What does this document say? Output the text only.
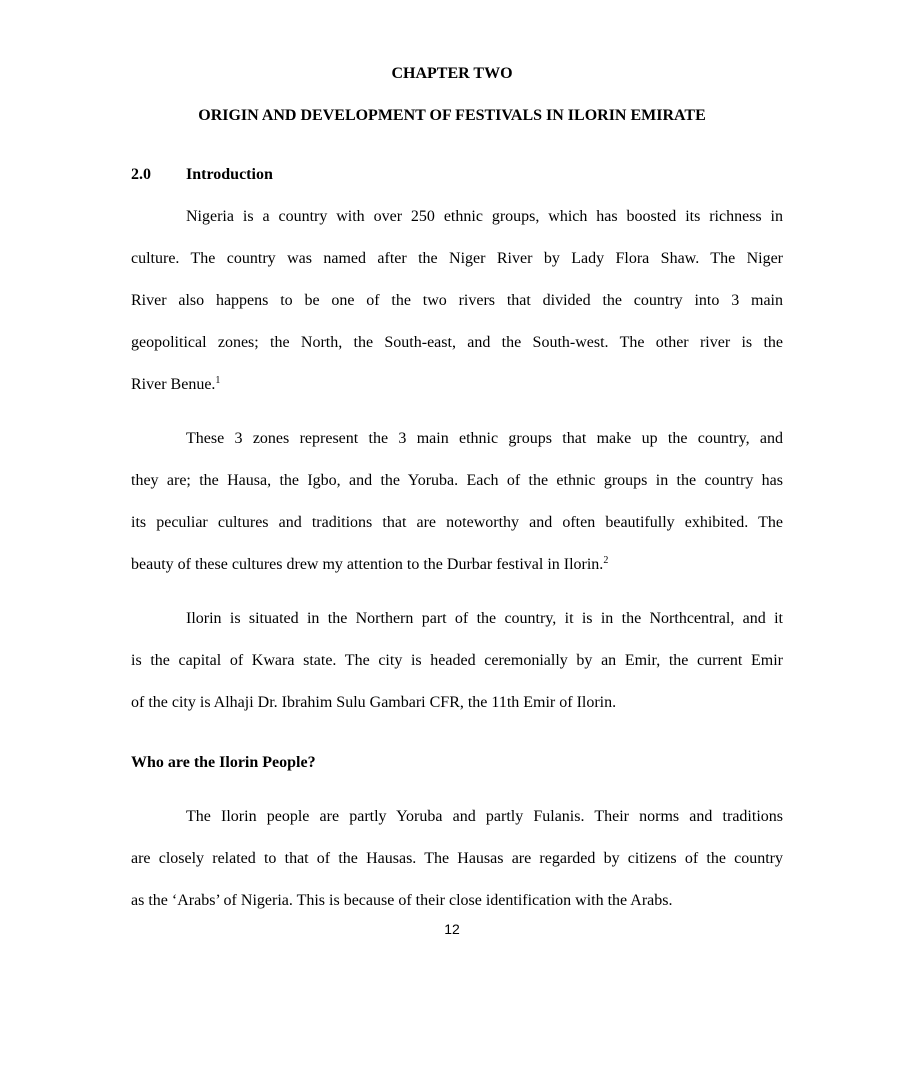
CHAPTER TWO
ORIGIN AND DEVELOPMENT OF FESTIVALS IN ILORIN EMIRATE
2.0 Introduction
Nigeria is a country with over 250 ethnic groups, which has boosted its richness in
culture. The country was named after the Niger River by Lady Flora Shaw. The Niger
River also happens to be one of the two rivers that divided the country into 3 main
geopolitical zones; the North, the South-east, and the South-west. The other river is the
River Benue.$^1$
These 3 zones represent the 3 main ethnic groups that make up the country, and
they are; the Hausa, the Igbo, and the Yoruba. Each of the ethnic groups in the country has
its peculiar cultures and traditions that are noteworthy and often beautifully exhibited. The
beauty of these cultures drew my attention to the Durbar festival in Ilorin.$^2$
Ilorin is situated in the Northern part of the country, it is in the Northcentral, and it
is the capital of Kwara state. The city is headed ceremonially by an Emir, the current Emir
of the city is Alhaji Dr. Ibrahim Sulu Gambari CFR, the 11th Emir of Ilorin.
Who are the Ilorin People?
The Ilorin people are partly Yoruba and partly Fulanis. Their norms and traditions
are closely related to that of the Hausas. The Hausas are regarded by citizens of the country
as the ‘Arabs’ of Nigeria. This is because of their close identification with the Arabs.
12
